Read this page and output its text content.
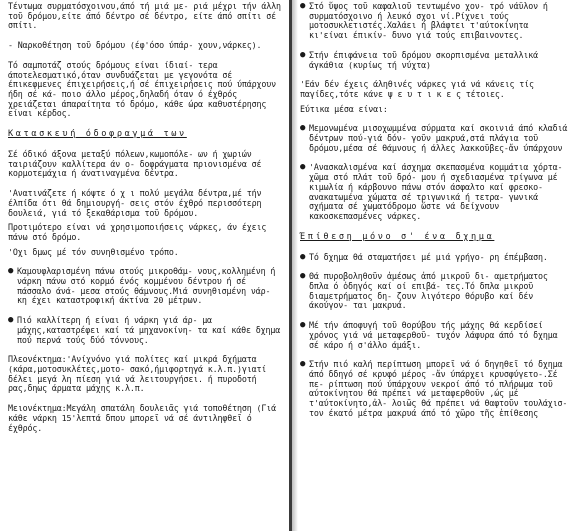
Τέντωμα συρματόσχοινου,άπό τή μιά με- ριά μέχρι τήν άλλη τοῦ δρόμου,είτε άπό δέντρο σέ δέντρο, είτε άπό σπίτι σέ σπίτι.
- Ναρκοθέτηση τοῦ δρόμου (έφ'όσο ύπάρ- χουν,νάρκες).
Τό σαμποτάζ στούς δρόμους είναι ίδιαί- τερα άποτελεσματικό,όταν συνδυάζεται με γεγονότα σέ έπικεφμενες έπιχειρήσεις,ή σέ έπιχειρήσεις πού ύπάρχουν ήδη σέ κά- ποιο άλλο μέρος,δηλαδή όταν ό έχθρός χρειάζεται άπαραίτητα τό δρόμο, κάθε ώρα καθυστέρησης είναι κέρδος.
Κατασκευή όδοφραγμά των
Σέ όδικό άξονα μεταξύ πόλεων,κωμοπόλε- ων ή χωριών ταιριάζουν καλλίτερα άν ο- δοφράγματα πριονισμένα σέ κορμοτεμάχια ή άνατιναγμένα δέντρα.
'Ανατινάζετε ή κόψτε ό χ ι πολύ μεγάλα δέντρα,μέ τήν έλπίδα ότι θά δημιουργή- σεις στόν έχθρό περισσότερη δουλειά, γιά τό ξεκαθάρισμα τοῦ δρόμου.
Προτιμότερο είναι νά χρησιμοποιήσεις νάρκες, άν έχεις πάνω στό δρόμο.
'Οχι δμως μέ τόν συνηθισμένο τρόπο.
● Καμουφλαρισμένη πάνω στούς μικροθάμ- νους,κολλημένη ή νάρκη πάνω στό κορμό ένός κομμένου δέντρου ή σέ πάσσαλο άνά- μεσα στούς θάμνους.Μιά συνηθισμένη νάρ- κη έχει καταστροφική άκτίνα 20 μέτρων.
● Πιό καλλίτερη ή είναι ή νάρκη γιά άρ- μα μάχης,καταστρέφει καί τά μηχανοκίνη- τα καί κάθε δχημα πού περνά τούς δύό τόννους.
Πλεονέκτημα:'Ανίχνόνο γιά πολίτες καί μικρά δχήματα (κάρα,μοτοσυκλέτες,μοτο- σακό,ήμιφορτηγά κ.λ.π.)γιατί δέλει μεγά λη πίεση γιά νά λειτουργήσει. ή πυροδοτή ρας,δηως άρματα μάχης κ.λ.π.
Μειονέκτημα:Μεγάλη σπατάλη δουλειᾶς γιά τοποθέτηση (Γιά κάθε νάρκη 15'λεπτά δπου μπορεῖ νά σέ άντιληφθεῖ ό έχθρός.
● Στό ὕψος τοῦ καφαλιοῦ τεντωμένο χον- τρό νάϋλον ή συρματόσχοινο ή λευκό σχοι νί.Ρίχνει τούς μοτοσυκλετιστές.Χαλάει ή βλάφτει τ'αύτοκίνητα κι'είναι έπικίν- δυνο γιά τούς επιβαινοντες.
● Στήν έπιφάνεια τοῦ δρόμου σκορπισμένα μεταλλικά άγκάθια (κυρίως τή νύχτα)
'Εάν δέν έχεις άληθινές νάρκες γιά νά κάνεις τίς παγίδες,τότε κάνε ψ ε υ τ ι κ ε ς τέτοιες.
Εύτικα μέσα είναι:
● Μεμονωμένα μισοχωμμένα σύρματα καί σκοινιά άπό κλαδιά δέντρων πού-γιά δόν- γοῦν μακρυά,στά πλάγια τοῦ δρόμου,μέσα σέ θάμνους ή άλλες λακκοῦβες-ἄν ύπάρχουν
● 'Ανασκαλισμένα καί άσχημα σκεπασμένα κομμάτια χόρτα-χῶμα στό πλάτ τοῦ δρό- μου ή σχεδιασμένα τρίγωνα μέ κιμωλία ή κάρβουνο πάνω στόν άσφαλτο καί φρεσκο- ανακατωμένα χώματα σέ τριγωνικά ή τετρα- γωνικά σχήματα σέ χωματόδρομο ὥστε νά δείχνουν κακοσκεπασμένες νάρκες.
Έπίθεση μόνο σ' ένα δχημα
● Τό δχημα θά σταματήσει μέ μιά γρήγο- ρη έπέμβαση.
● Θά πυροβοληθοῦν ἀμέσως ἀπό μικροῦ δι- αμετρήματος δπλα ό ὀδηγός καί οί επιβά- τες.Τό δπλα μικροῦ διαμετρήματος δη- ζουν λιγότερο θόρυβο καί δέν άκούγον- ται μακρυά.
● Μέ τήν άποφυγή τοῦ θορύβου τής μάχης θά κερδίσεί χρόνος γιά νά μεταφερθοῦ- τυχόν λάφυρα άπό τό δχημα σέ κάρο ή σ'άλλο άμάξι.
● Στήν πιό καλή περίπτωση μπορεῖ νά ό δηγηθεῖ τό δχημα άπό δδηγό σέ κρυφό μέρος -ἄν ύπάρχει κρυσφύγετο-.Σέ πε- ρίπτωση πού ύπάρχουν νεκροί άπό τό πλήρωμα τοῦ αύτοκίνητου θά πρέπει νά μεταφερθοῦν ,ώς μέ τ'αύτοκίνητο,ἀλ- λοιῶς θά πρέπει νά θαφτοῦν τουλάχισ- τον έκατό μέτρα μακρυά άπό τό χῶρο τῆς ἐπίθεσης
